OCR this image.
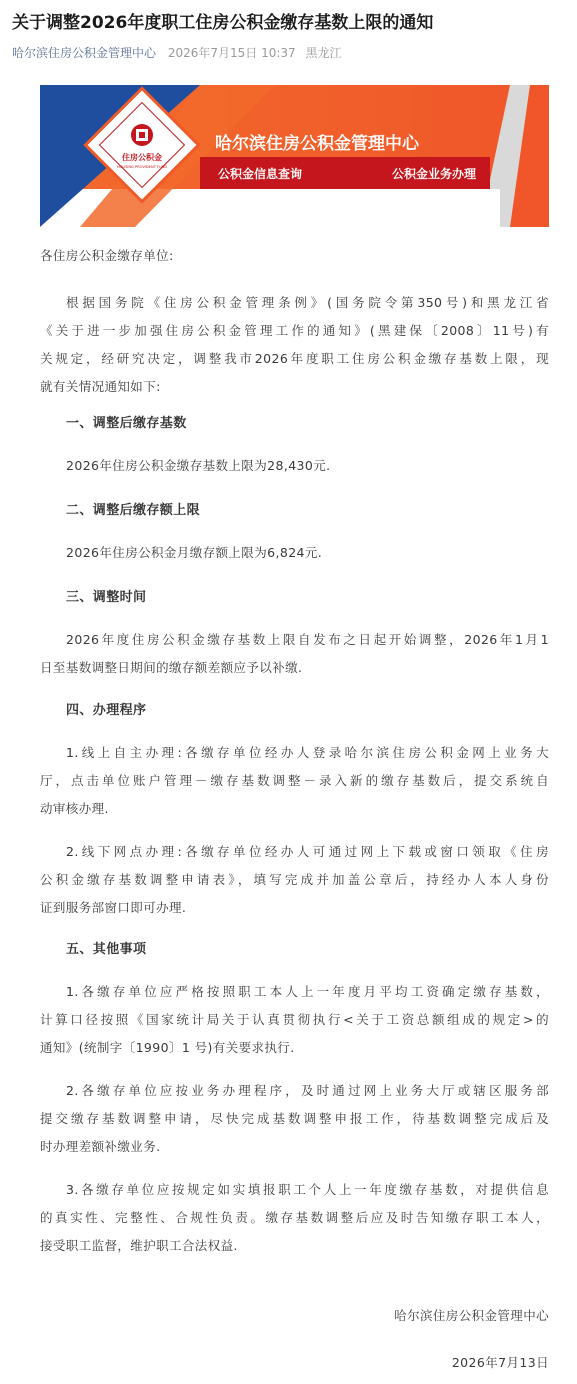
关于调整2026年度职工住房公积金缴存基数上限的通知
哈尔滨住房公积金管理中心 2026年7月15日 10:37 黑龙江
住房公积金
HOUSING PROVIDENT FUND
哈尔滨住房公积金管理中心
公积金信息查询	公积金业务办理
各住房公积金缴存单位:
根据国务院《住房公积金管理条例》(国务院令第350号)和黑龙江省
《关于进一步加强住房公积金管理工作的通知》(黑建保〔2008〕11号)有
关规定，经研究决定，调整我市2026年度职工住房公积金缴存基数上限，现
就有关情况通知如下:
一、调整后缴存基数
2026年住房公积金缴存基数上限为28,430元.
二、调整后缴存额上限
2026年住房公积金月缴存额上限为6,824元.
三、调整时间
2026年度住房公积金缴存基数上限自发布之日起开始调整，2026年1月1
日至基数调整日期间的缴存额差额应予以补缴.
四、办理程序
1.线上自主办理:各缴存单位经办人登录哈尔滨住房公积金网上业务大
厅，点击单位账户管理－缴存基数调整－录入新的缴存基数后，提交系统自
动审核办理.
2.线下网点办理:各缴存单位经办人可通过网上下载或窗口领取《住房
公积金缴存基数调整申请表》，填写完成并加盖公章后，持经办人本人身份
证到服务部窗口即可办理.
五、其他事项
1.各缴存单位应严格按照职工本人上一年度月平均工资确定缴存基数，
计算口径按照《国家统计局关于认真贯彻执行<关于工资总额组成的规定>的
通知》(统制字〔1990〕1 号)有关要求执行.
2.各缴存单位应按业务办理程序，及时通过网上业务大厅或辖区服务部
提交缴存基数调整申请，尽快完成基数调整申报工作，待基数调整完成后及
时办理差额补缴业务.
3.各缴存单位应按规定如实填报职工个人上一年度缴存基数，对提供信息
的真实性、完整性、合规性负责。缴存基数调整后应及时告知缴存职工本人，
接受职工监督，维护职工合法权益.
哈尔滨住房公积金管理中心
2026年7月13日
